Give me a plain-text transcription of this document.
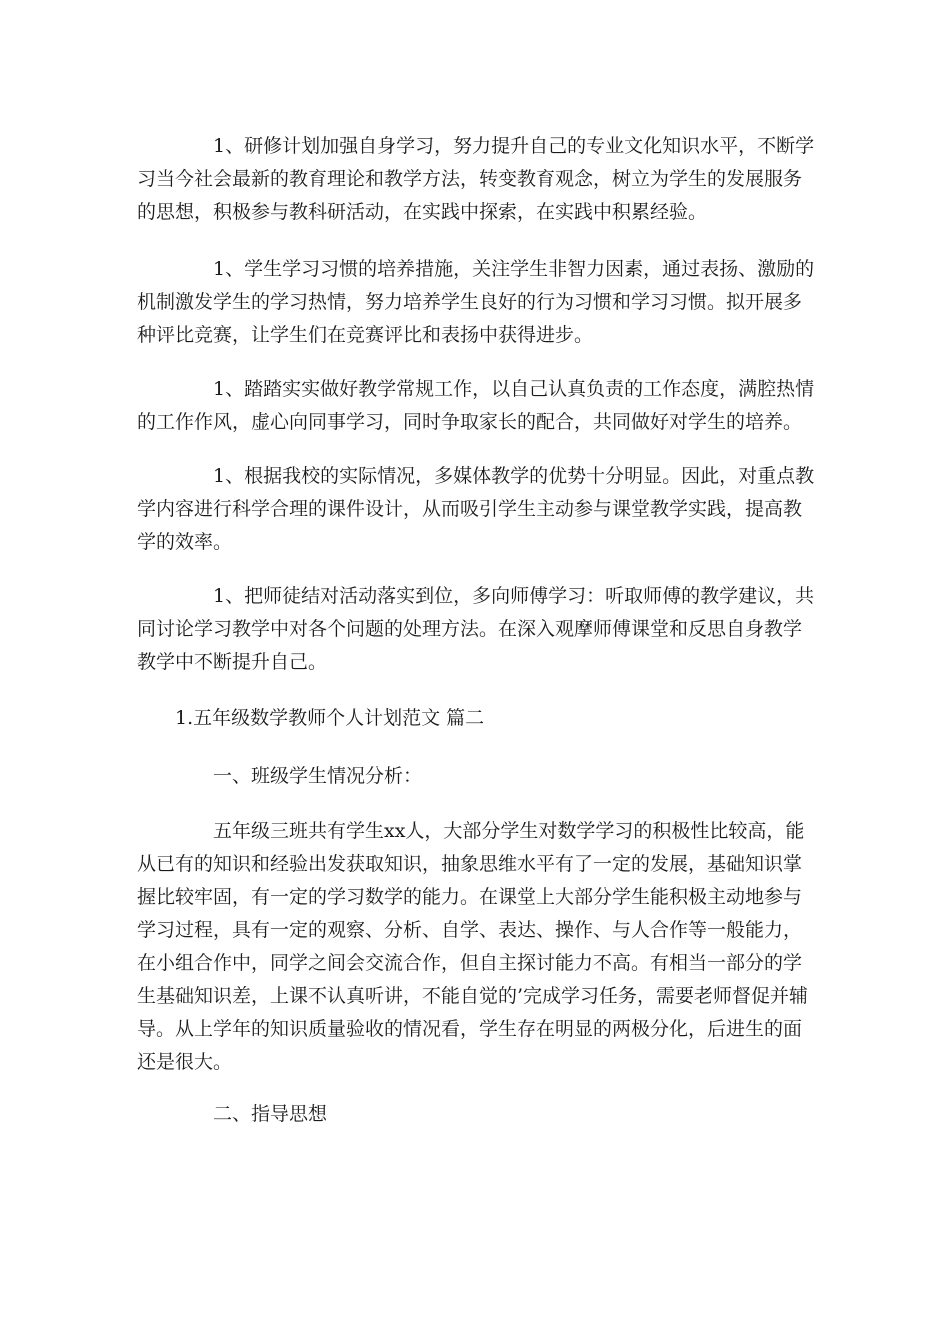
1、研修计划加强自身学习，努力提升自己的专业文化知识水平，不断学习当今社会最新的教育理论和教学方法，转变教育观念，树立为学生的发展服务的思想，积极参与教科研活动，在实践中探索，在实践中积累经验。

1、学生学习习惯的培养措施，关注学生非智力因素，通过表扬、激励的机制激发学生的学习热情，努力培养学生良好的行为习惯和学习习惯。拟开展多种评比竞赛，让学生们在竞赛评比和表扬中获得进步。

1、踏踏实实做好教学常规工作，以自己认真负责的工作态度，满腔热情的工作作风，虚心向同事学习，同时争取家长的配合，共同做好对学生的培养。

1、根据我校的实际情况，多媒体教学的优势十分明显。因此，对重点教学内容进行科学合理的课件设计，从而吸引学生主动参与课堂教学实践，提高教学的效率。

1、把师徒结对活动落实到位，多向师傅学习：听取师傅的教学建议，共同讨论学习教学中对各个问题的处理方法。在深入观摩师傅课堂和反思自身教学教学中不断提升自己。

1.五年级数学教师个人计划范文 篇二

一、班级学生情况分析：

五年级三班共有学生xx人，大部分学生对数学学习的积极性比较高，能从已有的知识和经验出发获取知识，抽象思维水平有了一定的发展，基础知识掌握比较牢固，有一定的学习数学的能力。在课堂上大部分学生能积极主动地参与学习过程，具有一定的观察、分析、自学、表达、操作、与人合作等一般能力，在小组合作中，同学之间会交流合作，但自主探讨能力不高。有相当一部分的学生基础知识差，上课不认真听讲，不能自觉的’完成学习任务，需要老师督促并辅导。从上学年的知识质量验收的情况看，学生存在明显的两极分化，后进生的面还是很大。

二、指导思想
